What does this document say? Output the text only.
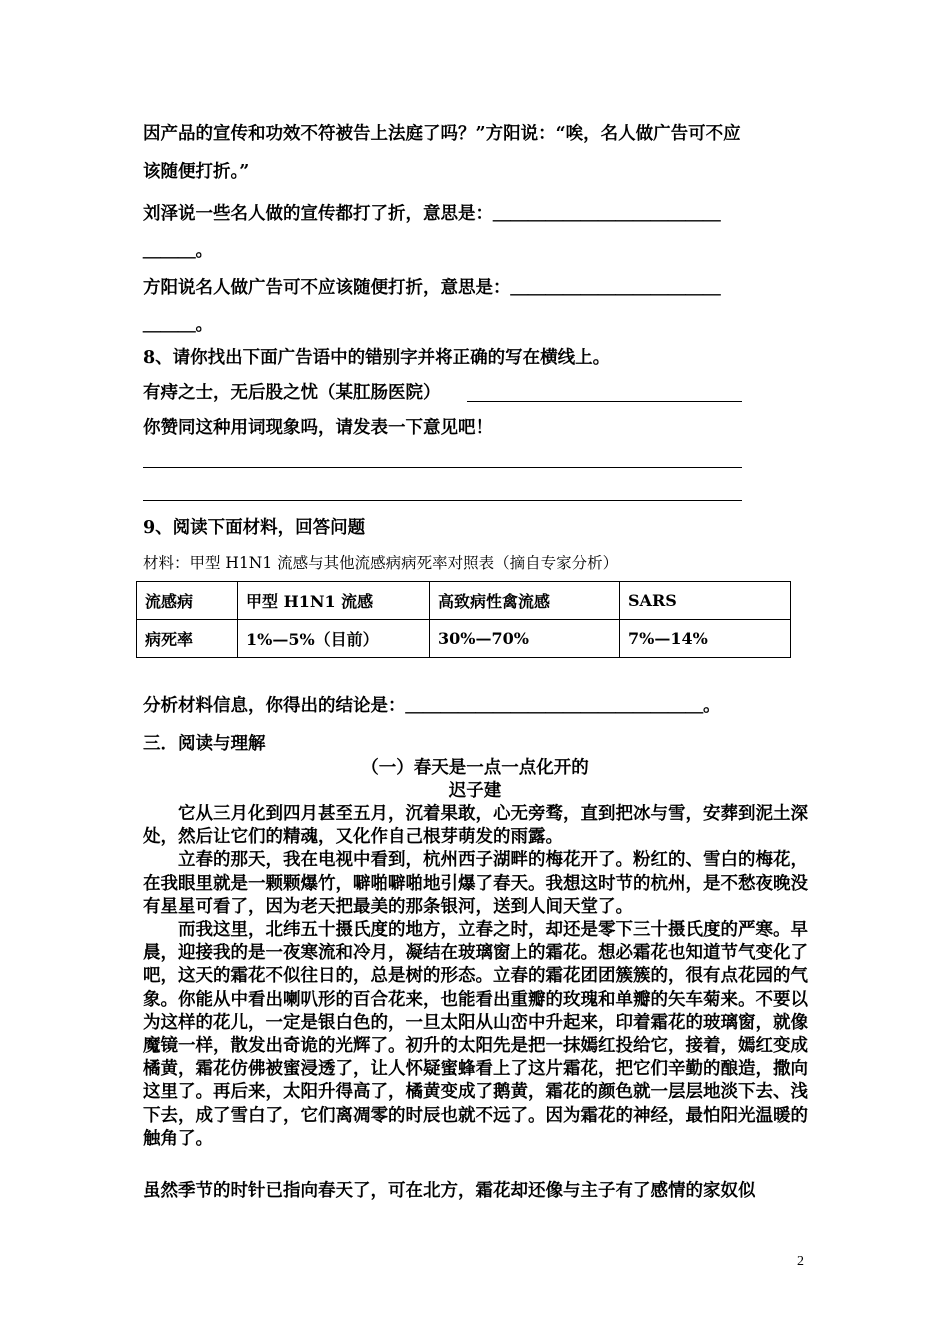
因产品的宣传和功效不符被告上法庭了吗？”方阳说：“唉，名人做广告可不应
该随便打折。”
刘泽说一些名人做的宣传都打了折，意思是：＿＿＿＿＿＿＿＿＿＿＿＿＿
＿＿＿。
方阳说名人做广告可不应该随便打折，意思是：＿＿＿＿＿＿＿＿＿＿＿＿
＿＿＿。
8、请你找出下面广告语中的错别字并将正确的写在横线上。
有痔之士，无后股之忧（某肛肠医院）
你赞同这种用词现象吗，请发表一下意见吧！
9、阅读下面材料，回答问题
材料：甲型 H1N1 流感与其他流感病病死率对照表（摘自专家分析）
流感病	甲型 H1N1 流感	高致病性禽流感	SARS
病死率	1%—5%（目前）	30%—70%	7%—14%
分析材料信息，你得出的结论是：＿＿＿＿＿＿＿＿＿＿＿＿＿＿＿＿＿。
三．阅读与理解
（一）春天是一点一点化开的
迟子建

它从三月化到四月甚至五月，沉着果敢，心无旁骛，直到把冰与雪，安葬到泥土深处，然后让它们的精魂，又化作自己根芽萌发的雨露。

立春的那天，我在电视中看到，杭州西子湖畔的梅花开了。粉红的、雪白的梅花，在我眼里就是一颗颗爆竹，噼啪噼啪地引爆了春天。我想这时节的杭州，是不愁夜晚没有星星可看了，因为老天把最美的那条银河，送到人间天堂了。

而我这里，北纬五十摄氏度的地方，立春之时，却还是零下三十摄氏度的严寒。早晨，迎接我的是一夜寒流和冷月，凝结在玻璃窗上的霜花。想必霜花也知道节气变化了吧，这天的霜花不似往日的，总是树的形态。立春的霜花团团簇簇的，很有点花园的气象。你能从中看出喇叭形的百合花来，也能看出重瓣的玫瑰和单瓣的矢车菊来。不要以为这样的花儿，一定是银白色的，一旦太阳从山峦中升起来，印着霜花的玻璃窗，就像魔镜一样，散发出奇诡的光辉了。初升的太阳先是把一抹嫣红投给它，接着，嫣红变成橘黄，霜花仿佛被蜜浸透了，让人怀疑蜜蜂看上了这片霜花，把它们辛勤的酿造，撒向这里了。再后来，太阳升得高了，橘黄变成了鹅黄，霜花的颜色就一层层地淡下去、浅下去，成了雪白了，它们离凋零的时辰也就不远了。因为霜花的神经，最怕阳光温暖的触角了。

虽然季节的时针已指向春天了，可在北方，霜花却还像与主子有了感情的家奴似
2
